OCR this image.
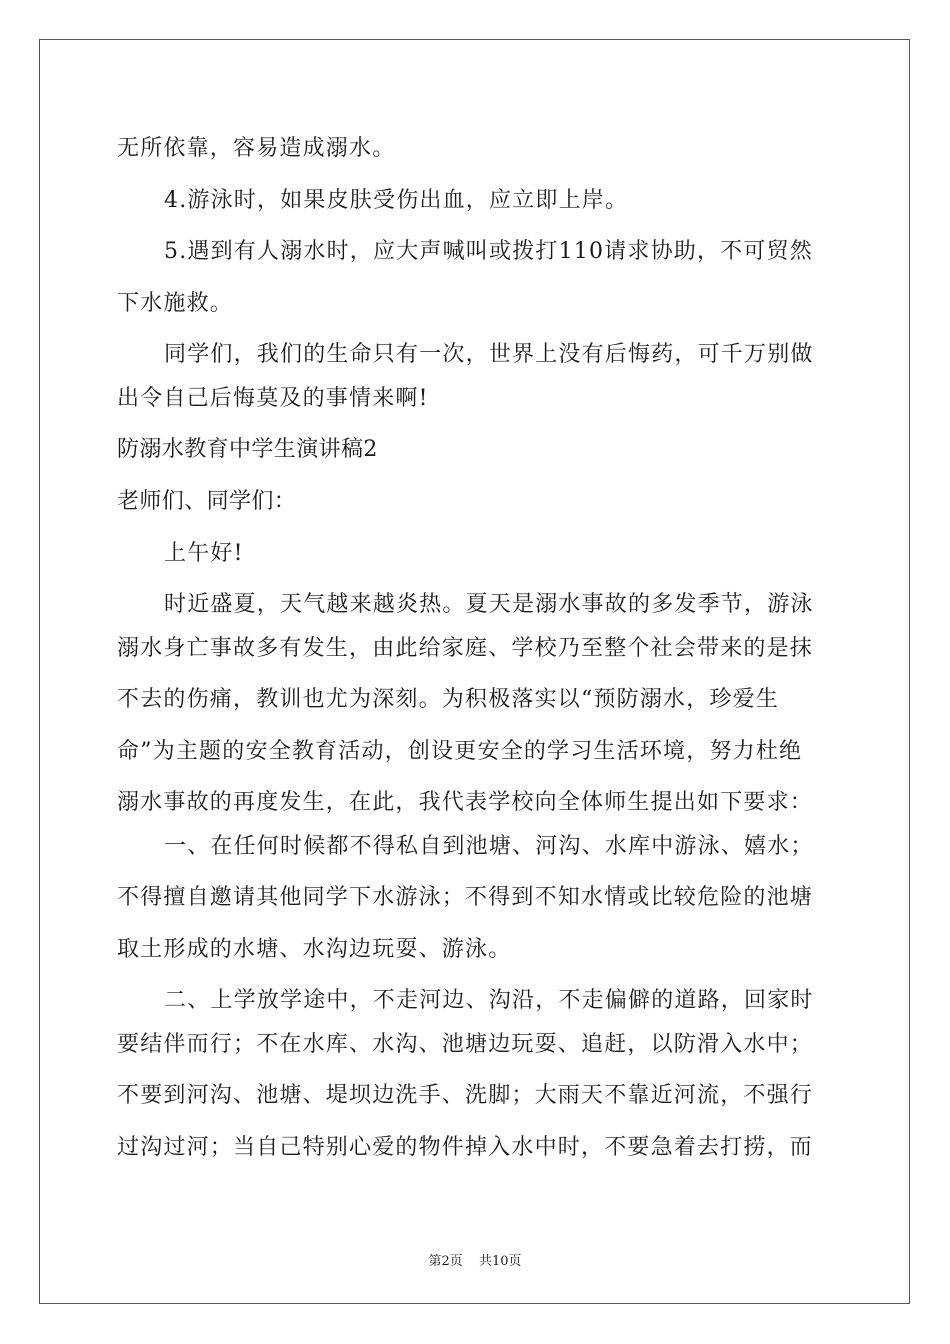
无所依靠，容易造成溺水。
4.游泳时，如果皮肤受伤出血，应立即上岸。
5.遇到有人溺水时，应大声喊叫或拨打110请求协助，不可贸然
下水施救。
同学们，我们的生命只有一次，世界上没有后悔药，可千万别做
出令自己后悔莫及的事情来啊!
防溺水教育中学生演讲稿2
老师们、同学们：
上午好!
时近盛夏，天气越来越炎热。夏天是溺水事故的多发季节，游泳
溺水身亡事故多有发生，由此给家庭、学校乃至整个社会带来的是抹
不去的伤痛，教训也尤为深刻。为积极落实以“预防溺水，珍爱生
命”为主题的安全教育活动，创设更安全的学习生活环境，努力杜绝
溺水事故的再度发生，在此，我代表学校向全体师生提出如下要求：
一、在任何时候都不得私自到池塘、河沟、水库中游泳、嬉水；
不得擅自邀请其他同学下水游泳；不得到不知水情或比较危险的池塘
取土形成的水塘、水沟边玩耍、游泳。
二、上学放学途中，不走河边、沟沿，不走偏僻的道路，回家时
要结伴而行；不在水库、水沟、池塘边玩耍、追赶，以防滑入水中；
不要到河沟、池塘、堤坝边洗手、洗脚；大雨天不靠近河流，不强行
过沟过河；当自己特别心爱的物件掉入水中时，不要急着去打捞，而
第2页 共10页
